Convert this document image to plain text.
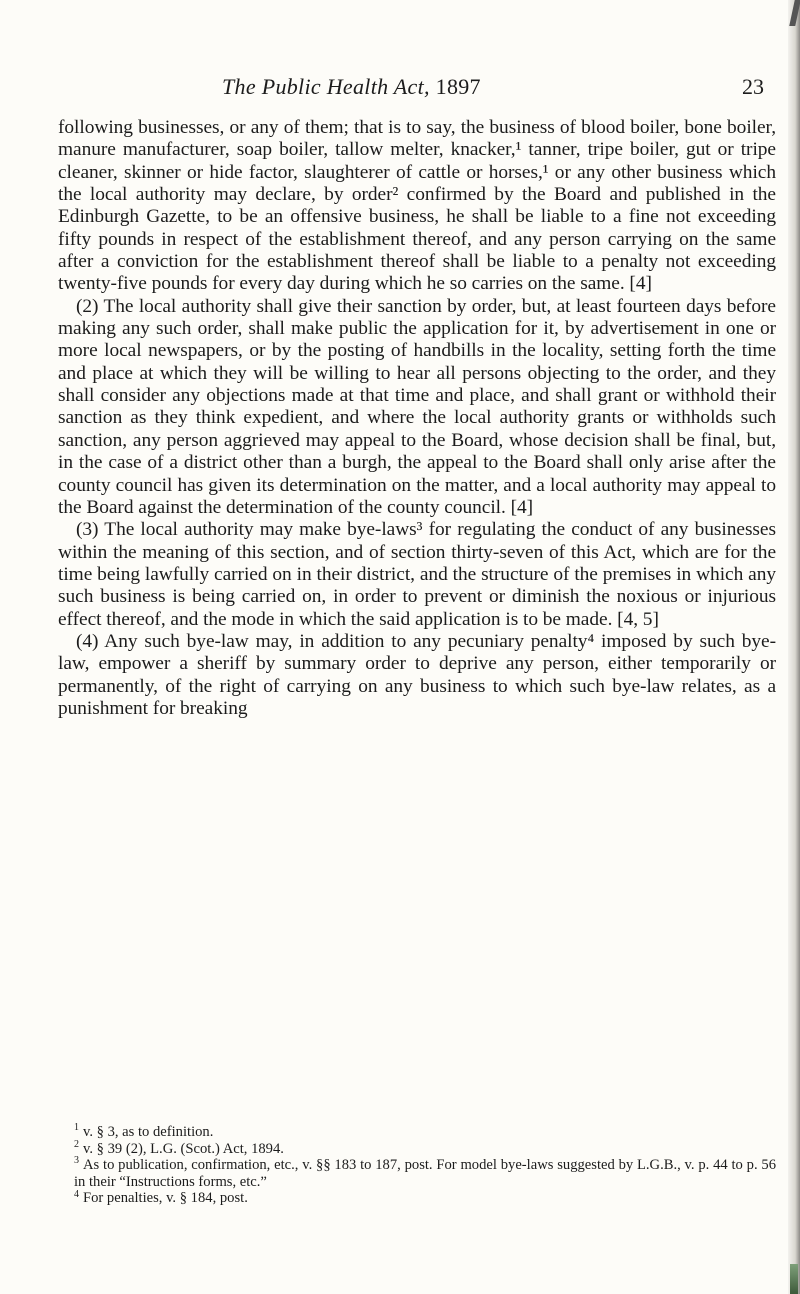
The Public Health Act, 1897	23

following businesses, or any of them; that is to say, the business of blood boiler, bone boiler, manure manufacturer, soap boiler, tallow melter, knacker,¹ tanner, tripe boiler, gut or tripe cleaner, skinner or hide factor, slaughterer of cattle or horses,¹ or any other business which the local authority may declare, by order² confirmed by the Board and published in the Edinburgh Gazette, to be an offensive business, he shall be liable to a fine not exceeding fifty pounds in respect of the establishment thereof, and any person carrying on the same after a conviction for the establishment thereof shall be liable to a penalty not exceeding twenty-five pounds for every day during which he so carries on the same. [4]

(2) The local authority shall give their sanction by order, but, at least fourteen days before making any such order, shall make public the application for it, by advertisement in one or more local newspapers, or by the posting of handbills in the locality, setting forth the time and place at which they will be willing to hear all persons objecting to the order, and they shall consider any objections made at that time and place, and shall grant or withhold their sanction as they think expedient, and where the local authority grants or withholds such sanction, any person aggrieved may appeal to the Board, whose decision shall be final, but, in the case of a district other than a burgh, the appeal to the Board shall only arise after the county council has given its determination on the matter, and a local authority may appeal to the Board against the determination of the county council. [4]

(3) The local authority may make bye-laws³ for regulating the conduct of any businesses within the meaning of this section, and of section thirty-seven of this Act, which are for the time being lawfully carried on in their district, and the structure of the premises in which any such business is being carried on, in order to prevent or diminish the noxious or injurious effect thereof, and the mode in which the said application is to be made. [4, 5]

(4) Any such bye-law may, in addition to any pecuniary penalty⁴ imposed by such bye-law, empower a sheriff by summary order to deprive any person, either temporarily or permanently, of the right of carrying on any business to which such bye-law relates, as a punishment for breaking

$^1$ v. § 3, as to definition.

$^2$ v. § 39 (2), L.G. (Scot.) Act, 1894.

$^3$ As to publication, confirmation, etc., v. §§ 183 to 187, post. For model bye-laws suggested by L.G.B., v. p. 44 to p. 56 in their “Instructions forms, etc.”

$^4$ For penalties, v. § 184, post.
